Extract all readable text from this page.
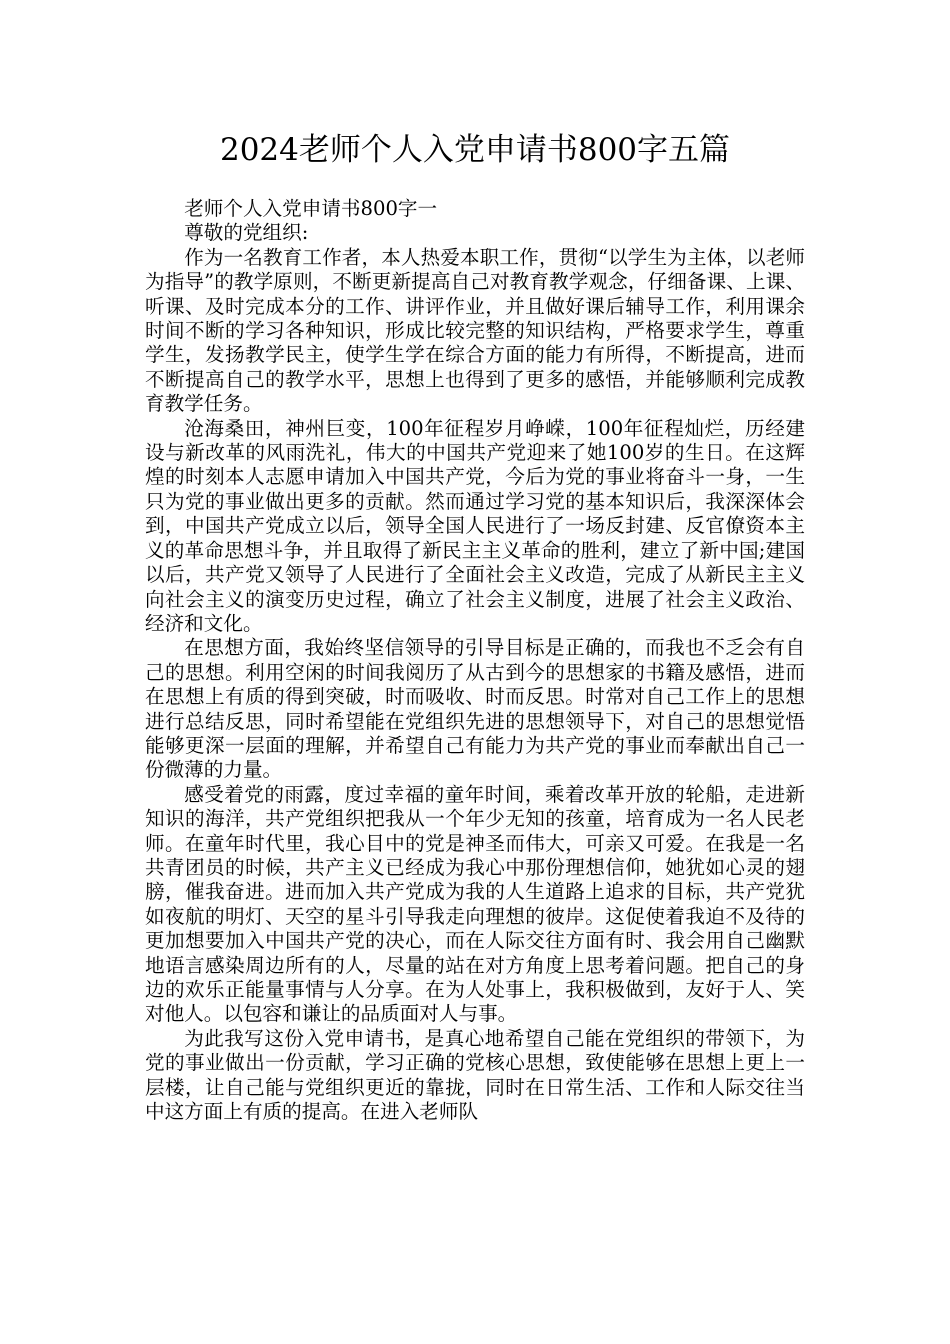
2024老师个人入党申请书800字五篇

老师个人入党申请书800字一

尊敬的党组织:

作为一名教育工作者，本人热爱本职工作，贯彻“以学生为主体，以老师为指导”的教学原则，不断更新提高自己对教育教学观念，仔细备课、上课、听课、及时完成本分的工作、讲评作业，并且做好课后辅导工作，利用课余时间不断的学习各种知识，形成比较完整的知识结构，严格要求学生，尊重学生，发扬教学民主，使学生学在综合方面的能力有所得，不断提高，进而不断提高自己的教学水平，思想上也得到了更多的感悟，并能够顺利完成教育教学任务。

沧海桑田，神州巨变，100年征程岁月峥嵘，100年征程灿烂，历经建设与新改革的风雨洗礼，伟大的中国共产党迎来了她100岁的生日。在这辉煌的时刻本人志愿申请加入中国共产党，今后为党的事业将奋斗一身，一生只为党的事业做出更多的贡献。然而通过学习党的基本知识后，我深深体会到，中国共产党成立以后，领导全国人民进行了一场反封建、反官僚资本主义的革命思想斗争，并且取得了新民主主义革命的胜利，建立了新中国;建国以后，共产党又领导了人民进行了全面社会主义改造，完成了从新民主主义向社会主义的演变历史过程，确立了社会主义制度，进展了社会主义政治、经济和文化。

在思想方面，我始终坚信领导的引导目标是正确的，而我也不乏会有自己的思想。利用空闲的时间我阅历了从古到今的思想家的书籍及感悟，进而在思想上有质的得到突破，时而吸收、时而反思。时常对自己工作上的思想进行总结反思，同时希望能在党组织先进的思想领导下，对自己的思想觉悟能够更深一层面的理解，并希望自己有能力为共产党的事业而奉献出自己一份微薄的力量。

感受着党的雨露，度过幸福的童年时间，乘着改革开放的轮船，走进新知识的海洋，共产党组织把我从一个年少无知的孩童，培育成为一名人民老师。在童年时代里，我心目中的党是神圣而伟大，可亲又可爱。在我是一名共青团员的时候，共产主义已经成为我心中那份理想信仰，她犹如心灵的翅膀，催我奋进。进而加入共产党成为我的人生道路上追求的目标，共产党犹如夜航的明灯、天空的星斗引导我走向理想的彼岸。这促使着我迫不及待的更加想要加入中国共产党的决心，而在人际交往方面有时、我会用自己幽默地语言感染周边所有的人，尽量的站在对方角度上思考着问题。把自己的身边的欢乐正能量事情与人分享。在为人处事上，我积极做到，友好于人、笑对他人。以包容和谦让的品质面对人与事。

为此我写这份入党申请书，是真心地希望自己能在党组织的带领下，为党的事业做出一份贡献，学习正确的党核心思想，致使能够在思想上更上一层楼，让自己能与党组织更近的靠拢，同时在日常生活、工作和人际交往当中这方面上有质的提高。在进入老师队
